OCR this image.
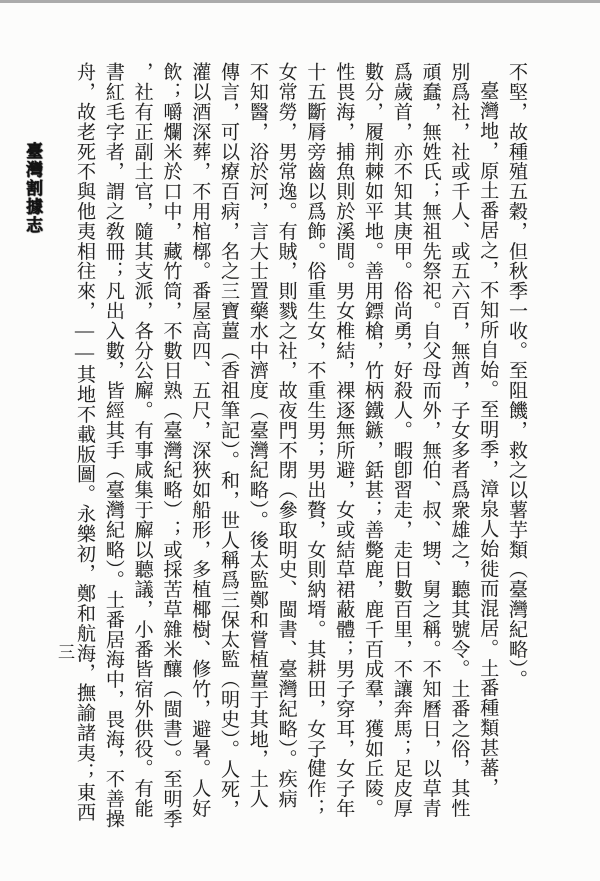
不堅，故種殖五穀，但秋季一收。至阻饑，救之以薯芋類（臺灣紀略）。
臺灣地，原土番居之，不知所自始。至明季，漳泉人始徙而混居。土番種類甚蕃，
別爲社，社或千人、或五六百，無酋，子女多者爲衆雄之，聽其號令。土番之俗，其性
頑蠢，無姓氏；無祖先祭祀。自父母而外，無伯、叔、甥、舅之稱。不知曆日，以草青
爲歲首，亦不知其庚甲。俗尚勇，好殺人。暇卽習走，走日數百里，不讓奔馬；足皮厚
數分，履荆棘如平地。善用鏢槍，竹柄鐵鏃，銛甚；善斃鹿，鹿千百成羣，獲如丘陵。
性畏海，捕魚則於溪間。男女椎結，裸逐無所避，女或結草裙蔽體；男子穿耳，女子年
十五斷脣旁齒以爲飾。俗重生女，不重生男；男出贅，女則納壻。其耕田，女子健作；
女常勞，男常逸。有賊，則戮之社，故夜門不閉（參取明史、閩書、臺灣紀略）。疾病
不知醫，浴於河，言大士置藥水中濟度（臺灣紀略）。後太監鄭和嘗植薑于其地，土人
傳言，可以療百病，名之三寶薑（香祖筆記）。和，世人稱爲三保太監（明史）。人死，
灌以酒深葬，不用棺槨。番屋高四、五尺，深狹如船形，多植椰樹、修竹，避暑。人好
飲；嚼爛米於口中，藏竹筒，不數日熟（臺灣紀略）；或採苦草雜米釀（閩書）。至明季
，社有正副土官，隨其支派，各分公廨。有事咸集于廨以聽議，小番皆宿外供役。有能
書紅毛字者，謂之敎冊；凡出入數，皆經其手（臺灣紀略）。土番居海中，畏海，不善操
舟，故老死不與他夷相往來，——其地不載版圖。永樂初，鄭和航海，撫諭諸夷；東西
臺灣割據志
三
